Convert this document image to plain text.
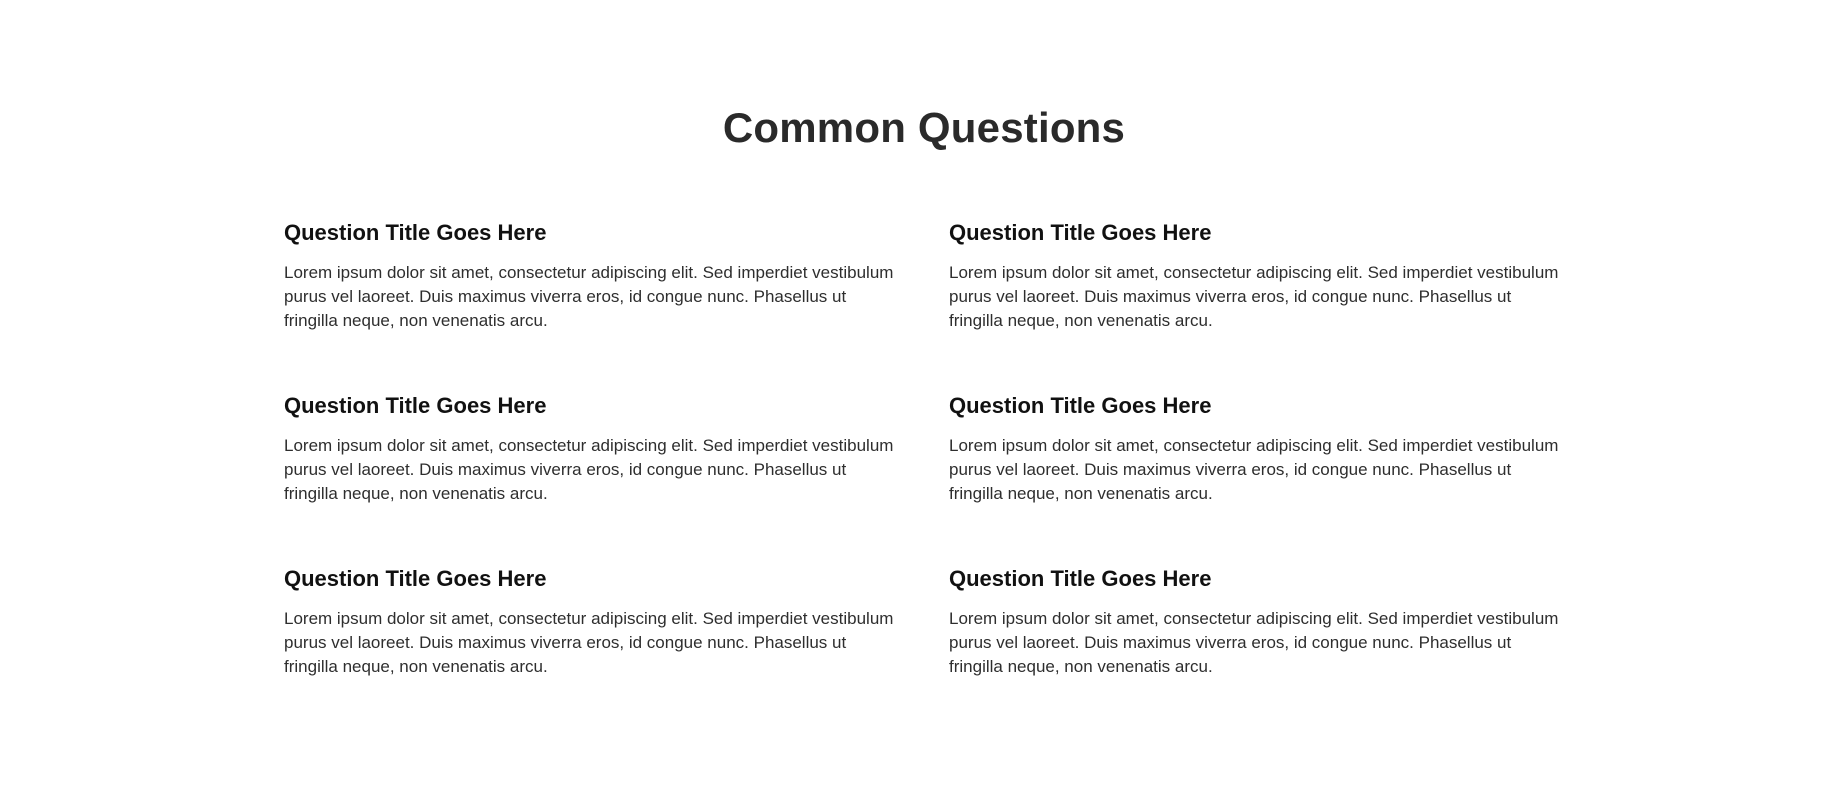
Common Questions
Question Title Goes Here

Lorem ipsum dolor sit amet, consectetur adipiscing elit. Sed imperdiet vestibulum purus vel laoreet. Duis maximus viverra eros, id congue nunc. Phasellus ut fringilla neque, non venenatis arcu.

Question Title Goes Here

Lorem ipsum dolor sit amet, consectetur adipiscing elit. Sed imperdiet vestibulum purus vel laoreet. Duis maximus viverra eros, id congue nunc. Phasellus ut fringilla neque, non venenatis arcu.

Question Title Goes Here

Lorem ipsum dolor sit amet, consectetur adipiscing elit. Sed imperdiet vestibulum purus vel laoreet. Duis maximus viverra eros, id congue nunc. Phasellus ut fringilla neque, non venenatis arcu.

Question Title Goes Here

Lorem ipsum dolor sit amet, consectetur adipiscing elit. Sed imperdiet vestibulum purus vel laoreet. Duis maximus viverra eros, id congue nunc. Phasellus ut fringilla neque, non venenatis arcu.

Question Title Goes Here

Lorem ipsum dolor sit amet, consectetur adipiscing elit. Sed imperdiet vestibulum purus vel laoreet. Duis maximus viverra eros, id congue nunc. Phasellus ut fringilla neque, non venenatis arcu.

Question Title Goes Here

Lorem ipsum dolor sit amet, consectetur adipiscing elit. Sed imperdiet vestibulum purus vel laoreet. Duis maximus viverra eros, id congue nunc. Phasellus ut fringilla neque, non venenatis arcu.
